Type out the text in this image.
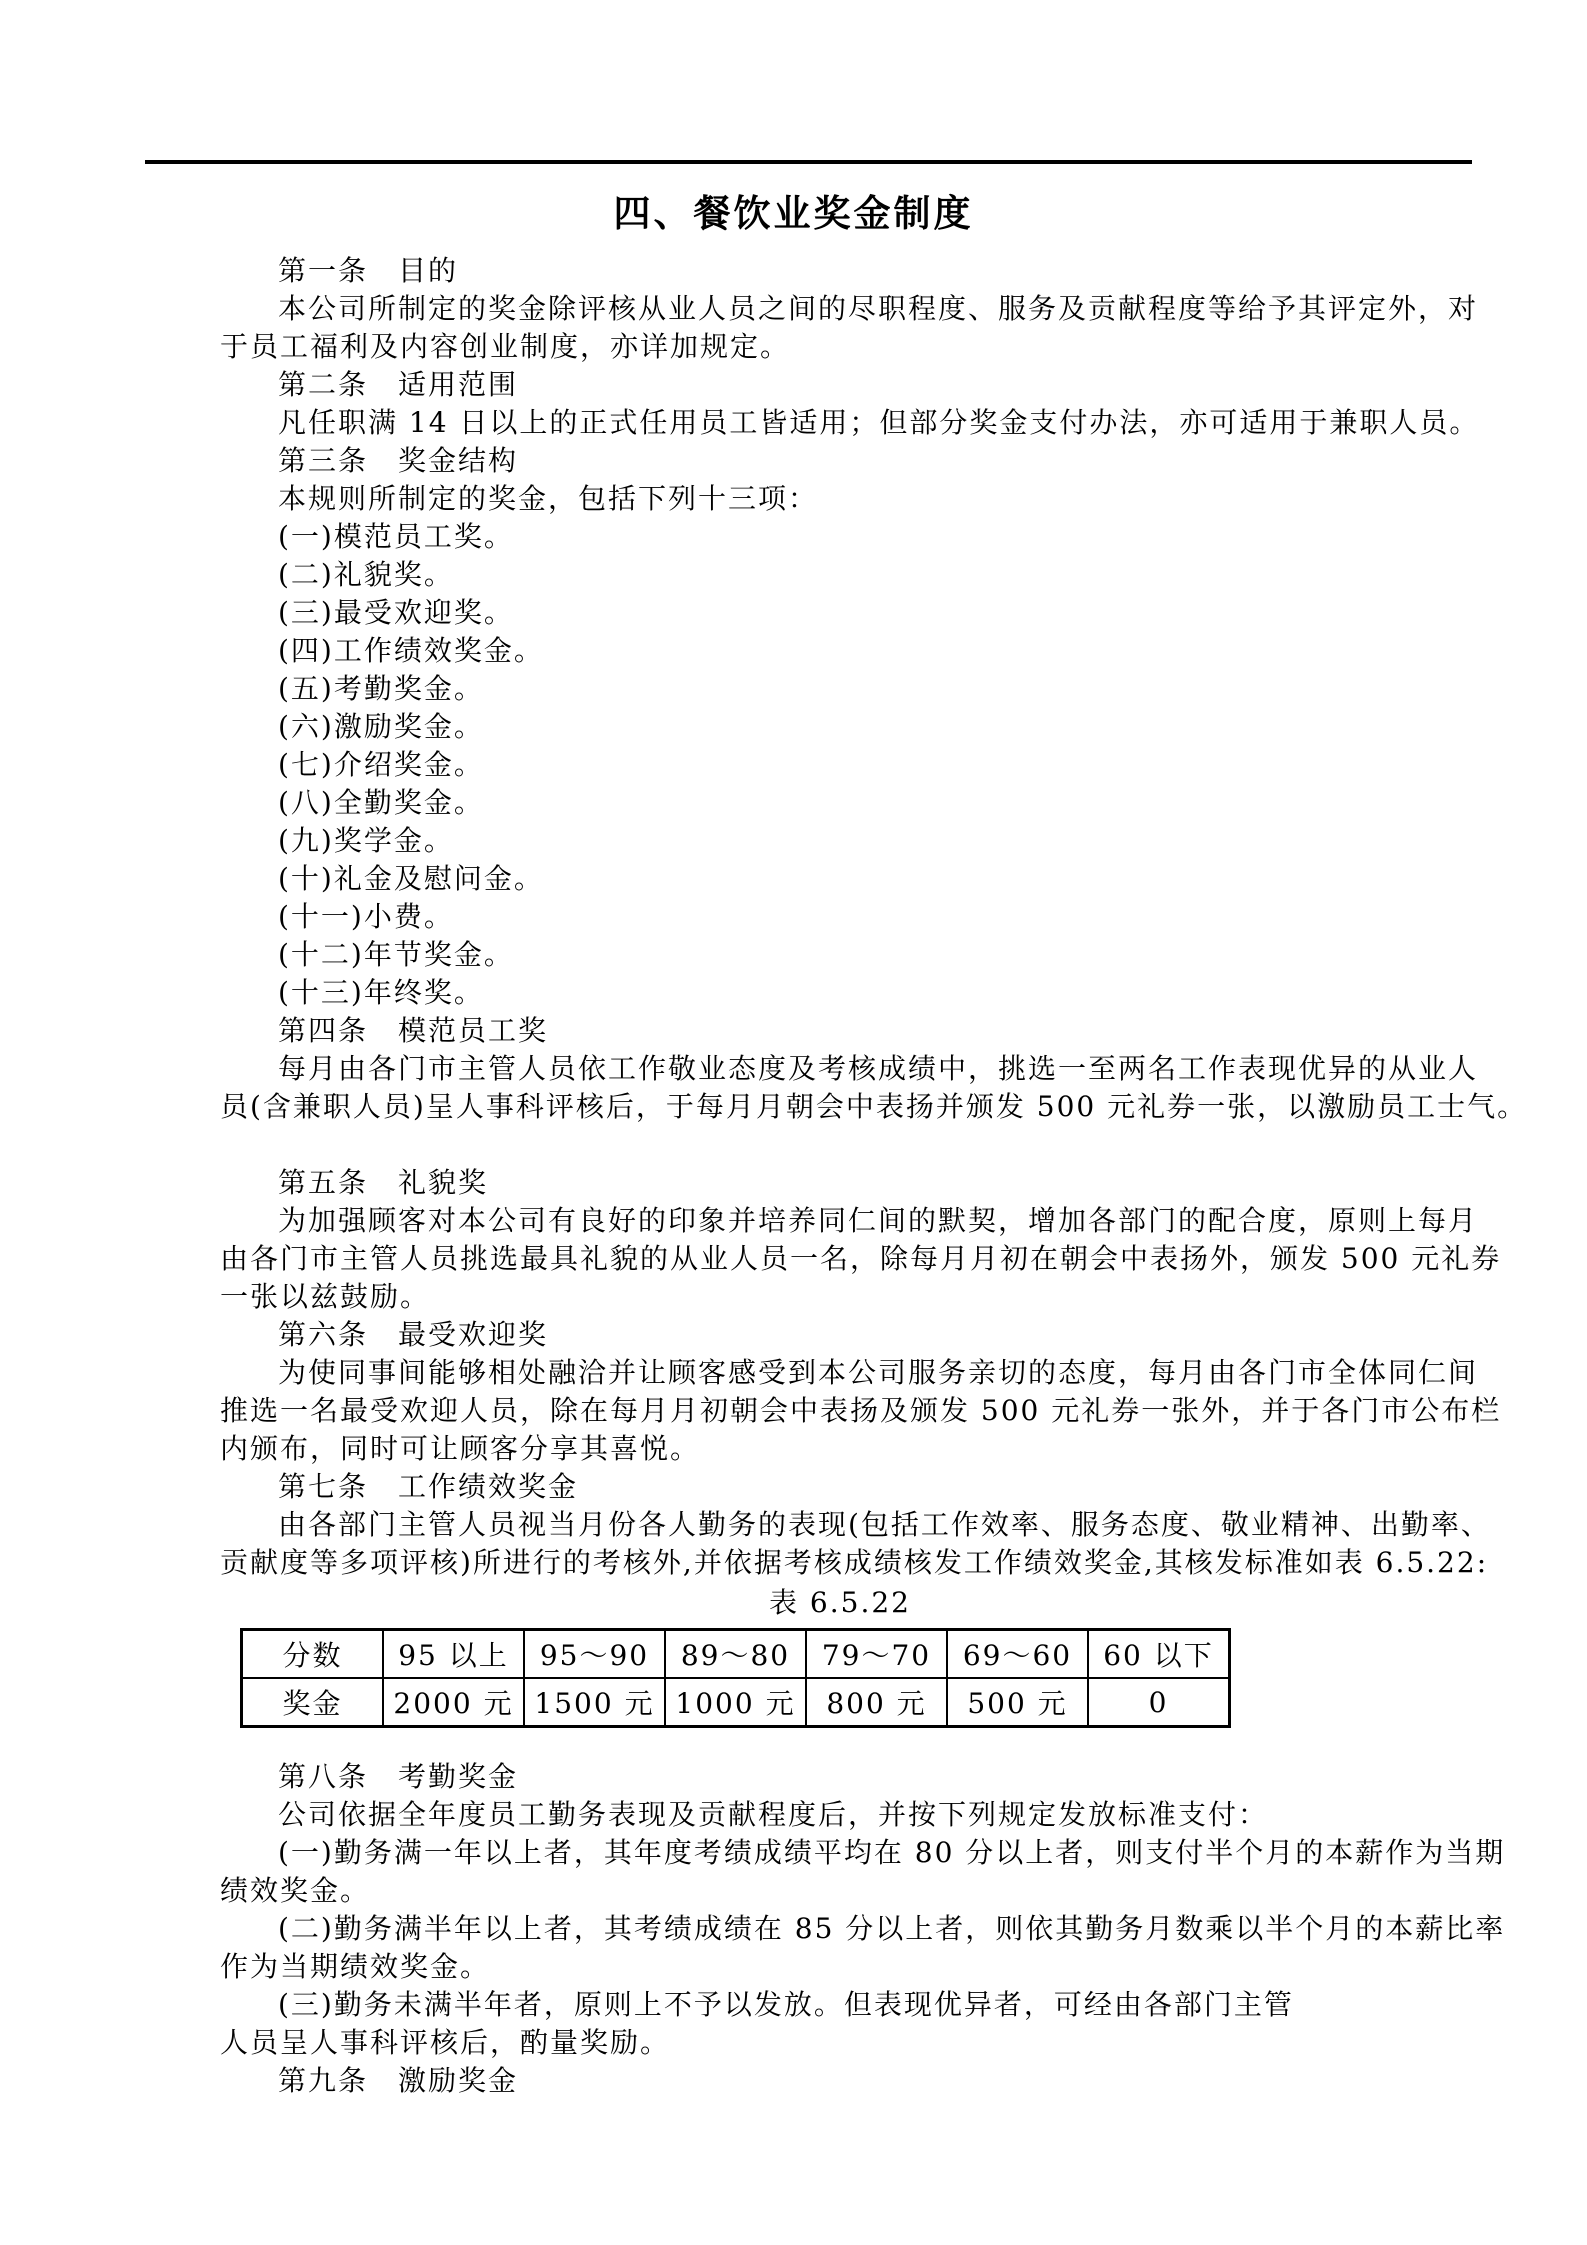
四、餐饮业奖金制度
第一条　目的
本公司所制定的奖金除评核从业人员之间的尽职程度、服务及贡献程度等给予其评定外，对
于员工福利及内容创业制度，亦详加规定。
第二条　适用范围
凡任职满 14 日以上的正式任用员工皆适用；但部分奖金支付办法，亦可适用于兼职人员。
第三条　奖金结构
本规则所制定的奖金，包括下列十三项：
(一)模范员工奖。
(二)礼貌奖。
(三)最受欢迎奖。
(四)工作绩效奖金。
(五)考勤奖金。
(六)激励奖金。
(七)介绍奖金。
(八)全勤奖金。
(九)奖学金。
(十)礼金及慰问金。
(十一)小费。
(十二)年节奖金。
(十三)年终奖。
第四条　模范员工奖
每月由各门市主管人员依工作敬业态度及考核成绩中，挑选一至两名工作表现优异的从业人
员(含兼职人员)呈人事科评核后，于每月月朝会中表扬并颁发 500 元礼券一张，以激励员工士气。
第五条　礼貌奖
为加强顾客对本公司有良好的印象并培养同仁间的默契，增加各部门的配合度，原则上每月
由各门市主管人员挑选最具礼貌的从业人员一名，除每月月初在朝会中表扬外，颁发 500 元礼券
一张以兹鼓励。
第六条　最受欢迎奖
为使同事间能够相处融洽并让顾客感受到本公司服务亲切的态度，每月由各门市全体同仁间
推选一名最受欢迎人员，除在每月月初朝会中表扬及颁发 500 元礼券一张外，并于各门市公布栏
内颁布，同时可让顾客分享其喜悦。
第七条　工作绩效奖金
由各部门主管人员视当月份各人勤务的表现(包括工作效率、服务态度、敬业精神、出勤率、
贡献度等多项评核)所进行的考核外,并依据考核成绩核发工作绩效奖金,其核发标准如表 6.5.22:
表 6.5.22
分数	95 以上	95～90	89～80	79～70	69～60	60 以下
奖金	2000 元	1500 元	1000 元	800 元	500 元	0
第八条　考勤奖金
公司依据全年度员工勤务表现及贡献程度后，并按下列规定发放标准支付：
(一)勤务满一年以上者，其年度考绩成绩平均在 80 分以上者，则支付半个月的本薪作为当期
绩效奖金。
(二)勤务满半年以上者，其考绩成绩在 85 分以上者，则依其勤务月数乘以半个月的本薪比率
作为当期绩效奖金。
(三)勤务未满半年者，原则上不予以发放。但表现优异者，可经由各部门主管
人员呈人事科评核后，酌量奖励。
第九条　激励奖金
